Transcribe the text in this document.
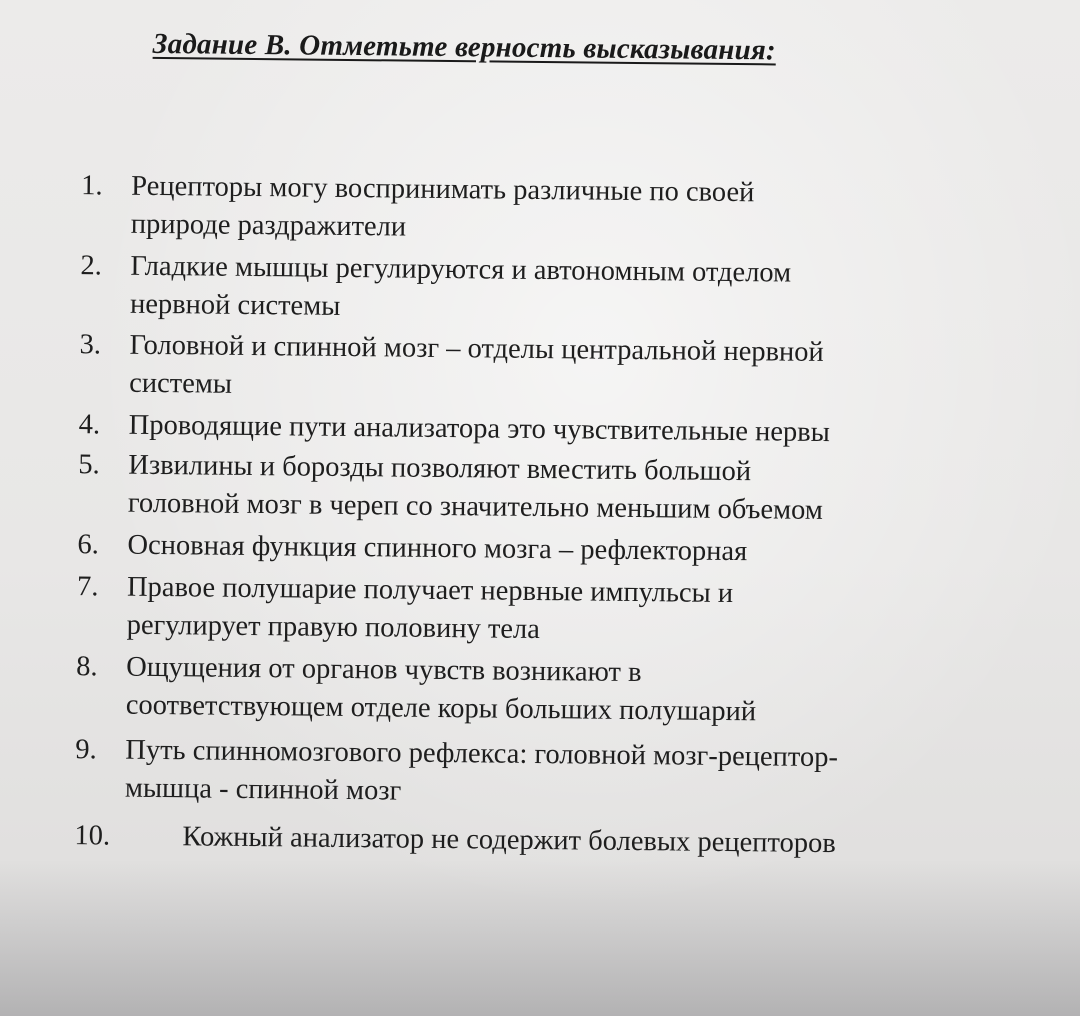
Задание В. Отметьте верность высказывания:
1. Рецепторы могу воспринимать различные по своей
природе раздражители
2. Гладкие мышцы регулируются и автономным отделом
нервной системы
3. Головной и спинной мозг – отделы центральной нервной
системы
4. Проводящие пути анализатора это чувствительные нервы
5. Извилины и борозды позволяют вместить большой
головной мозг в череп со значительно меньшим объемом
6. Основная функция спинного мозга – рефлекторная
7. Правое полушарие получает нервные импульсы и
регулирует правую половину тела
8. Ощущения от органов чувств возникают в
соответствующем отделе коры больших полушарий
9. Путь спинномозгового рефлекса: головной мозг-рецептор-
мышца - спинной мозг
10.	Кожный анализатор не содержит болевых рецепторов
